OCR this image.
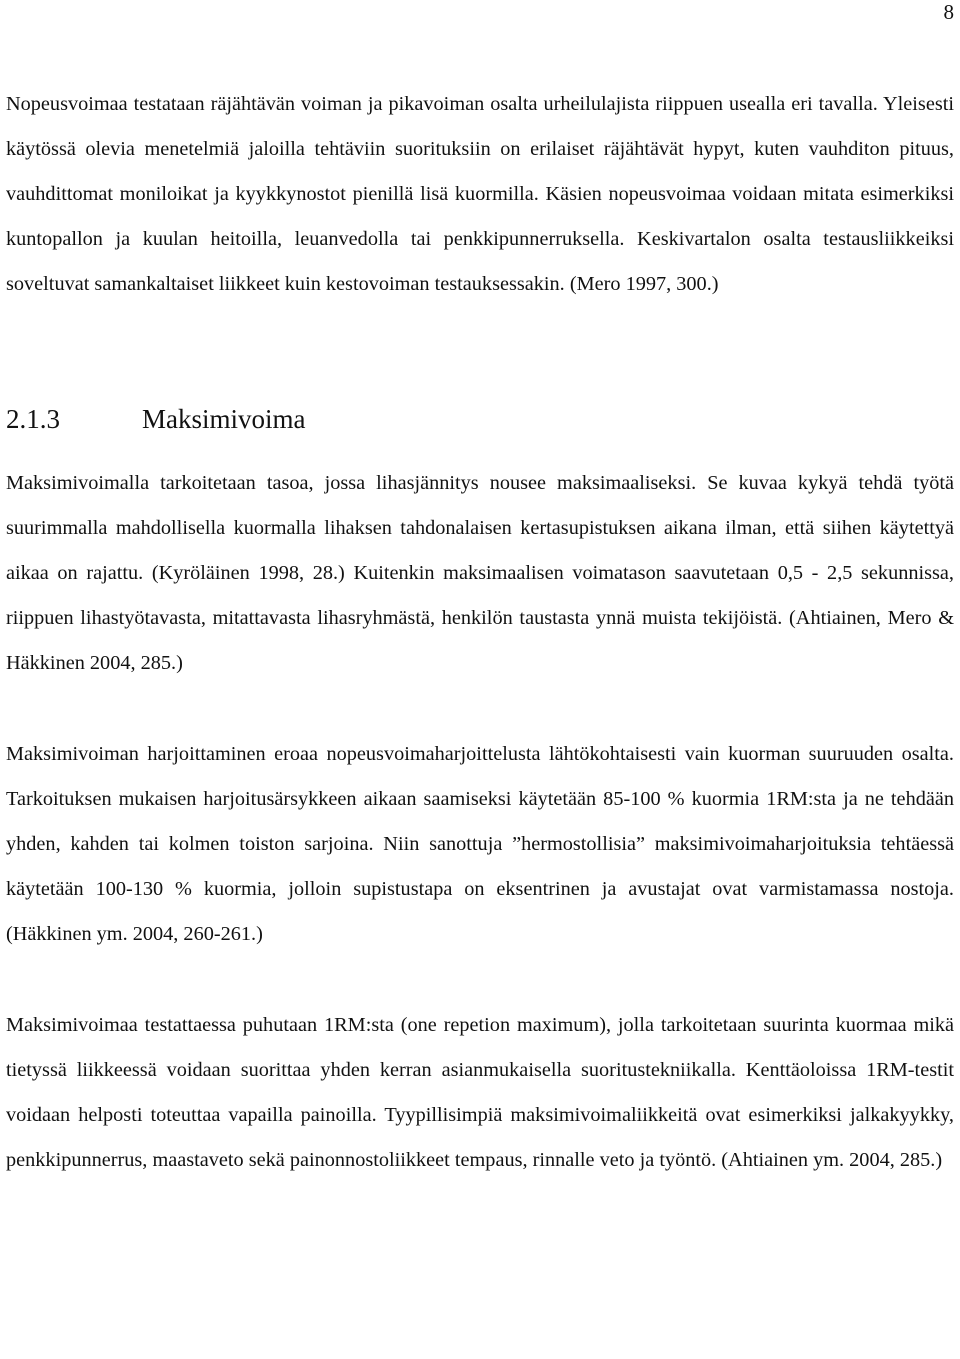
8

Nopeusvoimaa testataan räjähtävän voiman ja pikavoiman osalta urheilulajista riippuen usealla eri tavalla. Yleisesti käytössä olevia menetelmiä jaloilla tehtäviin suorituksiin on erilaiset räjähtävät hypyt, kuten vauhditon pituus, vauhdittomat moniloikat ja kyykkynostot pienillä lisä kuormilla. Käsien nopeusvoimaa voidaan mitata esimerkiksi kuntopallon ja kuulan heitoilla, leuanvedolla tai penkkipunnerruksella. Keskivartalon osalta testausliikkeiksi soveltuvat samankaltaiset liikkeet kuin kestovoiman testauksessakin. (Mero 1997, 300.)

2.1.3	Maksimivoima

Maksimivoimalla tarkoitetaan tasoa, jossa lihasjännitys nousee maksimaaliseksi. Se kuvaa kykyä tehdä työtä suurimmalla mahdollisella kuormalla lihaksen tahdonalaisen kertasupistuksen aikana ilman, että siihen käytettyä aikaa on rajattu. (Kyröläinen 1998, 28.) Kuitenkin maksimaalisen voimatason saavutetaan 0,5 - 2,5 sekunnissa, riippuen lihastyötavasta, mitattavasta lihasryhmästä, henkilön taustasta ynnä muista tekijöistä. (Ahtiainen, Mero & Häkkinen 2004, 285.)

Maksimivoiman harjoittaminen eroaa nopeusvoimaharjoittelusta lähtökohtaisesti vain kuorman suuruuden osalta. Tarkoituksen mukaisen harjoitusärsykkeen aikaan saamiseksi käytetään 85-100 % kuormia 1RM:sta ja ne tehdään yhden, kahden tai kolmen toiston sarjoina. Niin sanottuja ”hermostollisia” maksimivoimaharjoituksia tehtäessä käytetään 100-130 % kuormia, jolloin supistustapa on eksentrinen ja avustajat ovat varmistamassa nostoja. (Häkkinen ym. 2004, 260-261.)

Maksimivoimaa testattaessa puhutaan 1RM:sta (one repetion maximum), jolla tarkoitetaan suurinta kuormaa mikä tietyssä liikkeessä voidaan suorittaa yhden kerran asianmukaisella suoritustekniikalla. Kenttäoloissa 1RM-testit voidaan helposti toteuttaa vapailla painoilla. Tyypillisimpiä maksimivoimaliikkeitä ovat esimerkiksi jalkakyykky, penkkipunnerrus, maastaveto sekä painonnostoliikkeet tempaus, rinnalle veto ja työntö. (Ahtiainen ym. 2004, 285.)
